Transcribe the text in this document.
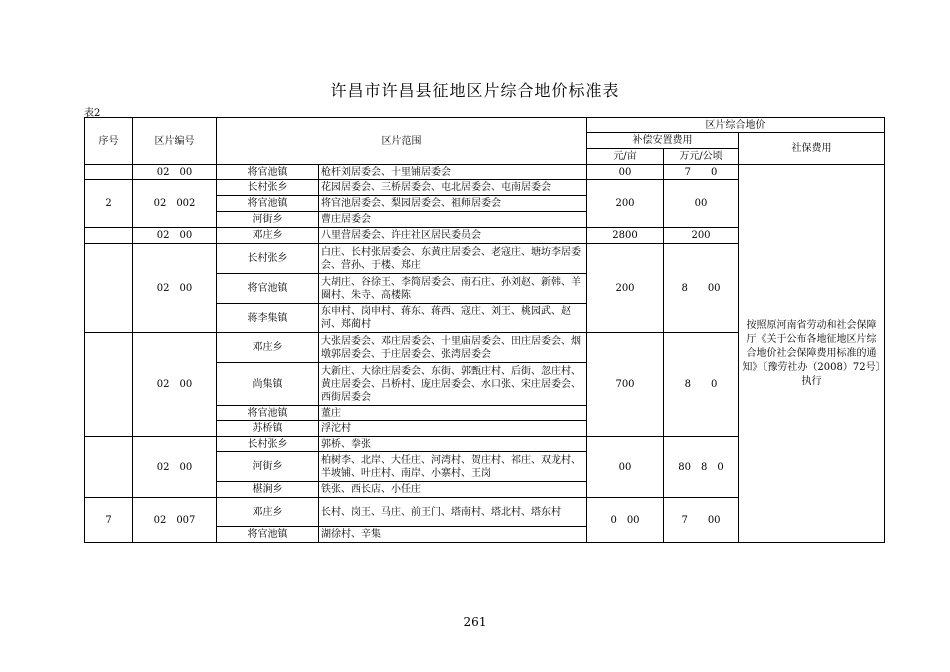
许昌市许昌县征地区片综合地价标准表
表2
序号	区片编号	区片范围		区片综合地价		
				补偿安置费用		社保费用
				元/亩	万元/公顷	
	02　00	将官池镇	枪杆刘居委会、十里铺居委会	00	7　　0	按照原河南省劳动和社会保障厅《关于公布各地征地区片综合地价社会保障费用标准的通知》〔豫劳社办（2008）72号〕执行
2	02　002	长村张乡	花园居委会、三桥居委会、屯北居委会、屯南居委会	200	00	
		将官池镇	将官池居委会、梨园居委会、祖师居委会			
		河街乡	曹庄居委会			
	02　00	邓庄乡	八里营居委会、许庄社区居民委员会	2800	200	
	02　00	长村张乡	白庄、长村张居委会、东黄庄居委会、老寇庄、塘坊李居委会、营孙、于楼、郑庄	200	8　　00	
		将官池镇	大胡庄、谷徐王、李简居委会、南石庄、孙刘赵、新韩、羊圈村、朱寺、高楼陈			
		蒋李集镇	东申村、岗申村、蒋东、蒋西、寇庄、刘王、桃园武、赵河、郑蔺村			
	02　00	邓庄乡	大张居委会、邓庄居委会、十里庙居委会、田庄居委会、烟墩郭居委会、于庄居委会、张湾居委会	700	8　　0	
		尚集镇	大新庄、大徐庄居委会、东街、郭甄庄村、后街、忽庄村、黄庄居委会、吕桥村、庞庄居委会、水口张、宋庄居委会、西街居委会			
		将官池镇	董庄			
		苏桥镇	浮沱村			
	02　00	长村张乡	郭桥、拳张	00	80　8　0	
		河街乡	柏树李、北岸、大任庄、河湾村、贺庄村、祁庄、双龙村、半坡铺、叶庄村、南岸、小寨村、王岗			
		椹涧乡	铁张、西长店、小任庄			
7	02　007	邓庄乡	长村、岗王、马庄、前王门、塔南村、塔北村、塔东村	0　00	7　　00	
		将官池镇	湖徐村、辛集			
261
